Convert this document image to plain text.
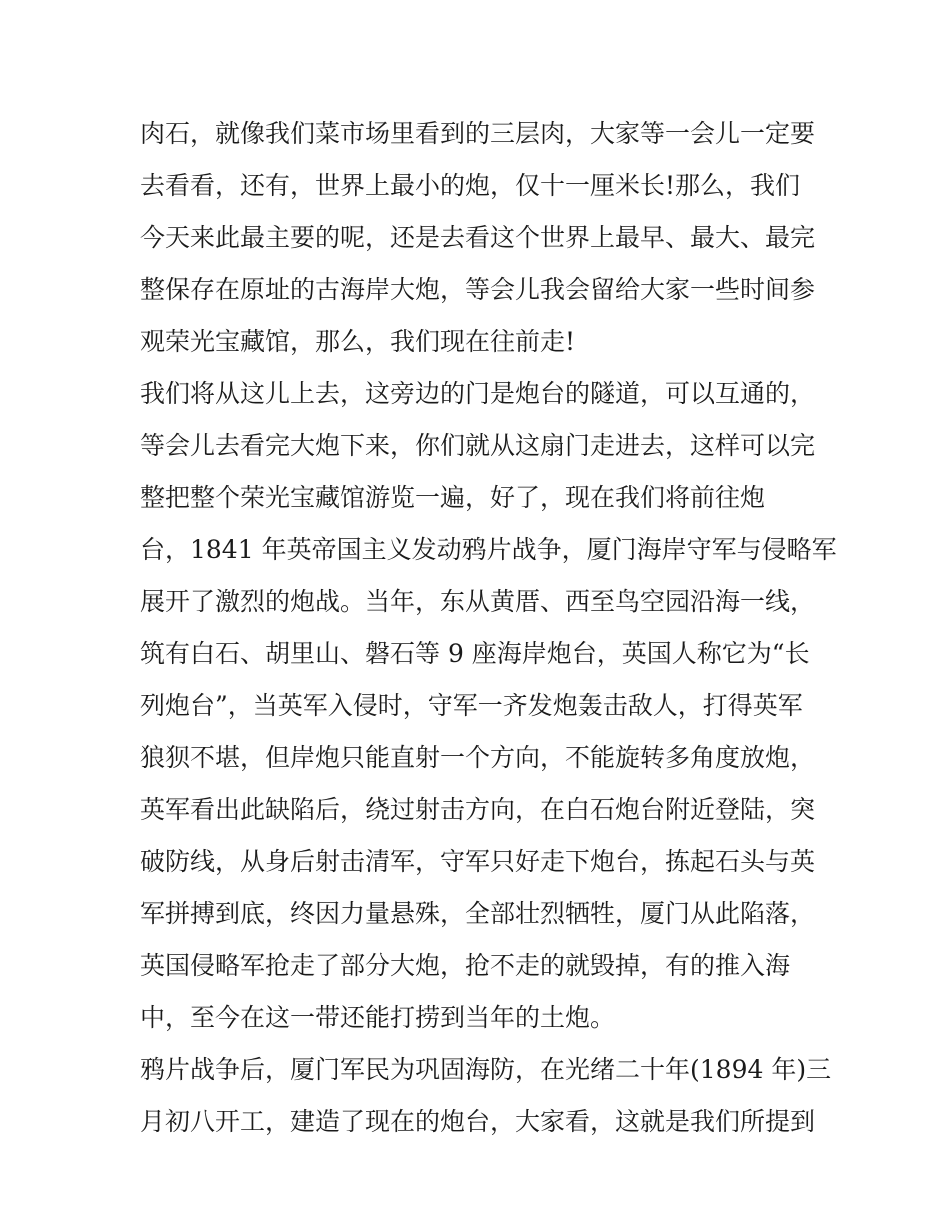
肉石，就像我们菜市场里看到的三层肉，大家等一会儿一定要
去看看，还有，世界上最小的炮，仅十一厘米长!那么，我们
今天来此最主要的呢，还是去看这个世界上最早、最大、最完
整保存在原址的古海岸大炮，等会儿我会留给大家一些时间参
观荣光宝藏馆，那么，我们现在往前走!
我们将从这儿上去，这旁边的门是炮台的隧道，可以互通的，
等会儿去看完大炮下来，你们就从这扇门走进去，这样可以完
整把整个荣光宝藏馆游览一遍，好了，现在我们将前往炮
台，1841 年英帝国主义发动鸦片战争，厦门海岸守军与侵略军
展开了激烈的炮战。当年，东从黄厝、西至鸟空园沿海一线，
筑有白石、胡里山、磐石等 9 座海岸炮台，英国人称它为“长
列炮台”，当英军入侵时，守军一齐发炮轰击敌人，打得英军
狼狈不堪，但岸炮只能直射一个方向，不能旋转多角度放炮，
英军看出此缺陷后，绕过射击方向，在白石炮台附近登陆，突
破防线，从身后射击清军，守军只好走下炮台，拣起石头与英
军拼搏到底，终因力量悬殊，全部壮烈牺牲，厦门从此陷落，
英国侵略军抢走了部分大炮，抢不走的就毁掉，有的推入海
中，至今在这一带还能打捞到当年的土炮。
鸦片战争后，厦门军民为巩固海防，在光绪二十年(1894 年)三
月初八开工，建造了现在的炮台，大家看，这就是我们所提到
